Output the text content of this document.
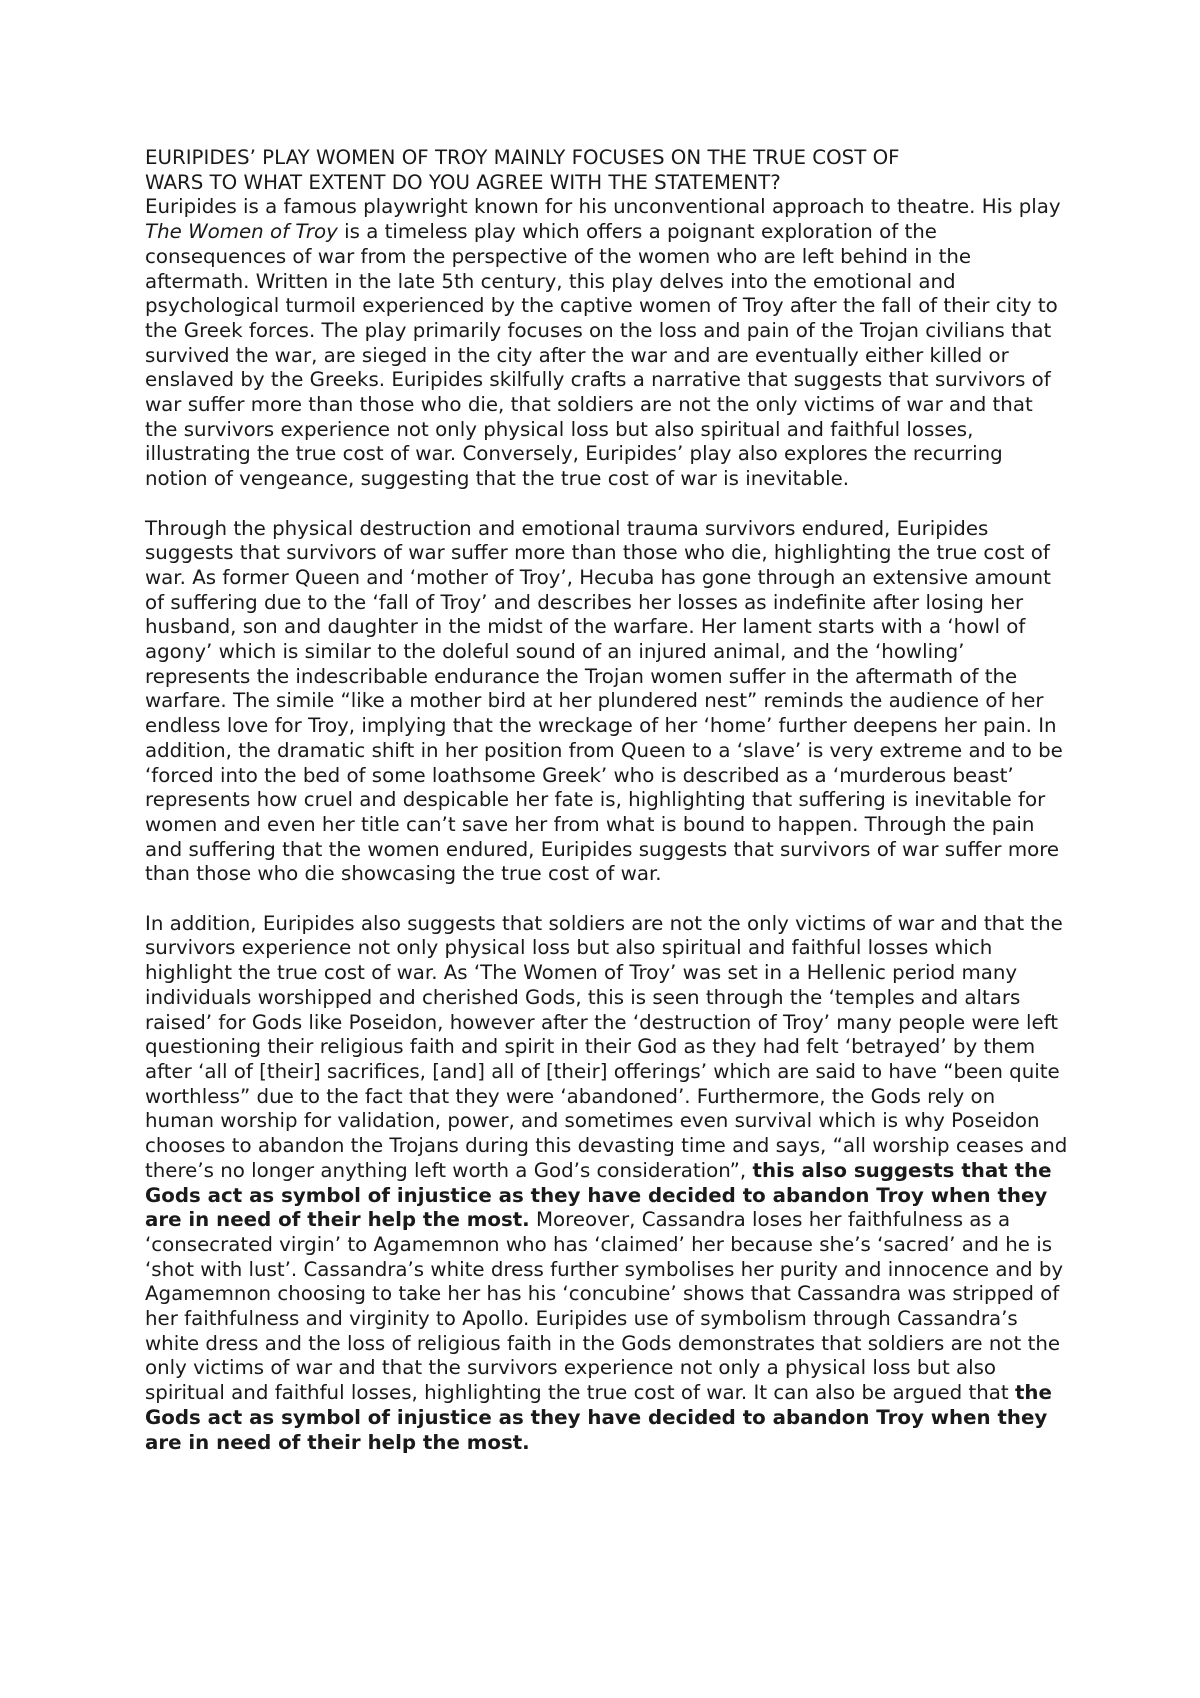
EURIPIDES’ PLAY WOMEN OF TROY MAINLY FOCUSES ON THE TRUE COST OF
WARS TO WHAT EXTENT DO YOU AGREE WITH THE STATEMENT?

Euripides is a famous playwright known for his unconventional approach to theatre. His play The Women of Troy is a timeless play which offers a poignant exploration of the consequences of war from the perspective of the women who are left behind in the aftermath. Written in the late 5th century, this play delves into the emotional and psychological turmoil experienced by the captive women of Troy after the fall of their city to the Greek forces. The play primarily focuses on the loss and pain of the Trojan civilians that survived the war, are sieged in the city after the war and are eventually either killed or enslaved by the Greeks. Euripides skilfully crafts a narrative that suggests that survivors of war suffer more than those who die, that soldiers are not the only victims of war and that the survivors experience not only physical loss but also spiritual and faithful losses, illustrating the true cost of war. Conversely, Euripides’ play also explores the recurring notion of vengeance, suggesting that the true cost of war is inevitable.

Through the physical destruction and emotional trauma survivors endured, Euripides suggests that survivors of war suffer more than those who die, highlighting the true cost of war. As former Queen and ‘mother of Troy’, Hecuba has gone through an extensive amount of suffering due to the ‘fall of Troy’ and describes her losses as indefinite after losing her husband, son and daughter in the midst of the warfare. Her lament starts with a ‘howl of agony’ which is similar to the doleful sound of an injured animal, and the ‘howling’ represents the indescribable endurance the Trojan women suffer in the aftermath of the warfare. The simile “like a mother bird at her plundered nest” reminds the audience of her endless love for Troy, implying that the wreckage of her ‘home’ further deepens her pain. In addition, the dramatic shift in her position from Queen to a ‘slave’ is very extreme and to be ‘forced into the bed of some loathsome Greek’ who is described as a ‘murderous beast’ represents how cruel and despicable her fate is, highlighting that suffering is inevitable for women and even her title can’t save her from what is bound to happen. Through the pain and suffering that the women endured, Euripides suggests that survivors of war suffer more than those who die showcasing the true cost of war.

In addition, Euripides also suggests that soldiers are not the only victims of war and that the survivors experience not only physical loss but also spiritual and faithful losses which highlight the true cost of war. As ‘The Women of Troy’ was set in a Hellenic period many individuals worshipped and cherished Gods, this is seen through the ‘temples and altars raised’ for Gods like Poseidon, however after the ‘destruction of Troy’ many people were left questioning their religious faith and spirit in their God as they had felt ‘betrayed’ by them after ‘all of [their] sacrifices, [and] all of [their] offerings’ which are said to have “been quite worthless” due to the fact that they were ‘abandoned’. Furthermore, the Gods rely on human worship for validation, power, and sometimes even survival which is why Poseidon chooses to abandon the Trojans during this devasting time and says, “all worship ceases and there’s no longer anything left worth a God’s consideration”, this also suggests that the Gods act as symbol of injustice as they have decided to abandon Troy when they are in need of their help the most. Moreover, Cassandra loses her faithfulness as a ‘consecrated virgin’ to Agamemnon who has ‘claimed’ her because she’s ‘sacred’ and he is ‘shot with lust’. Cassandra’s white dress further symbolises her purity and innocence and by Agamemnon choosing to take her has his ‘concubine’ shows that Cassandra was stripped of her faithfulness and virginity to Apollo. Euripides use of symbolism through Cassandra’s white dress and the loss of religious faith in the Gods demonstrates that soldiers are not the only victims of war and that the survivors experience not only a physical loss but also spiritual and faithful losses, highlighting the true cost of war. It can also be argued that the Gods act as symbol of injustice as they have decided to abandon Troy when they are in need of their help the most.
